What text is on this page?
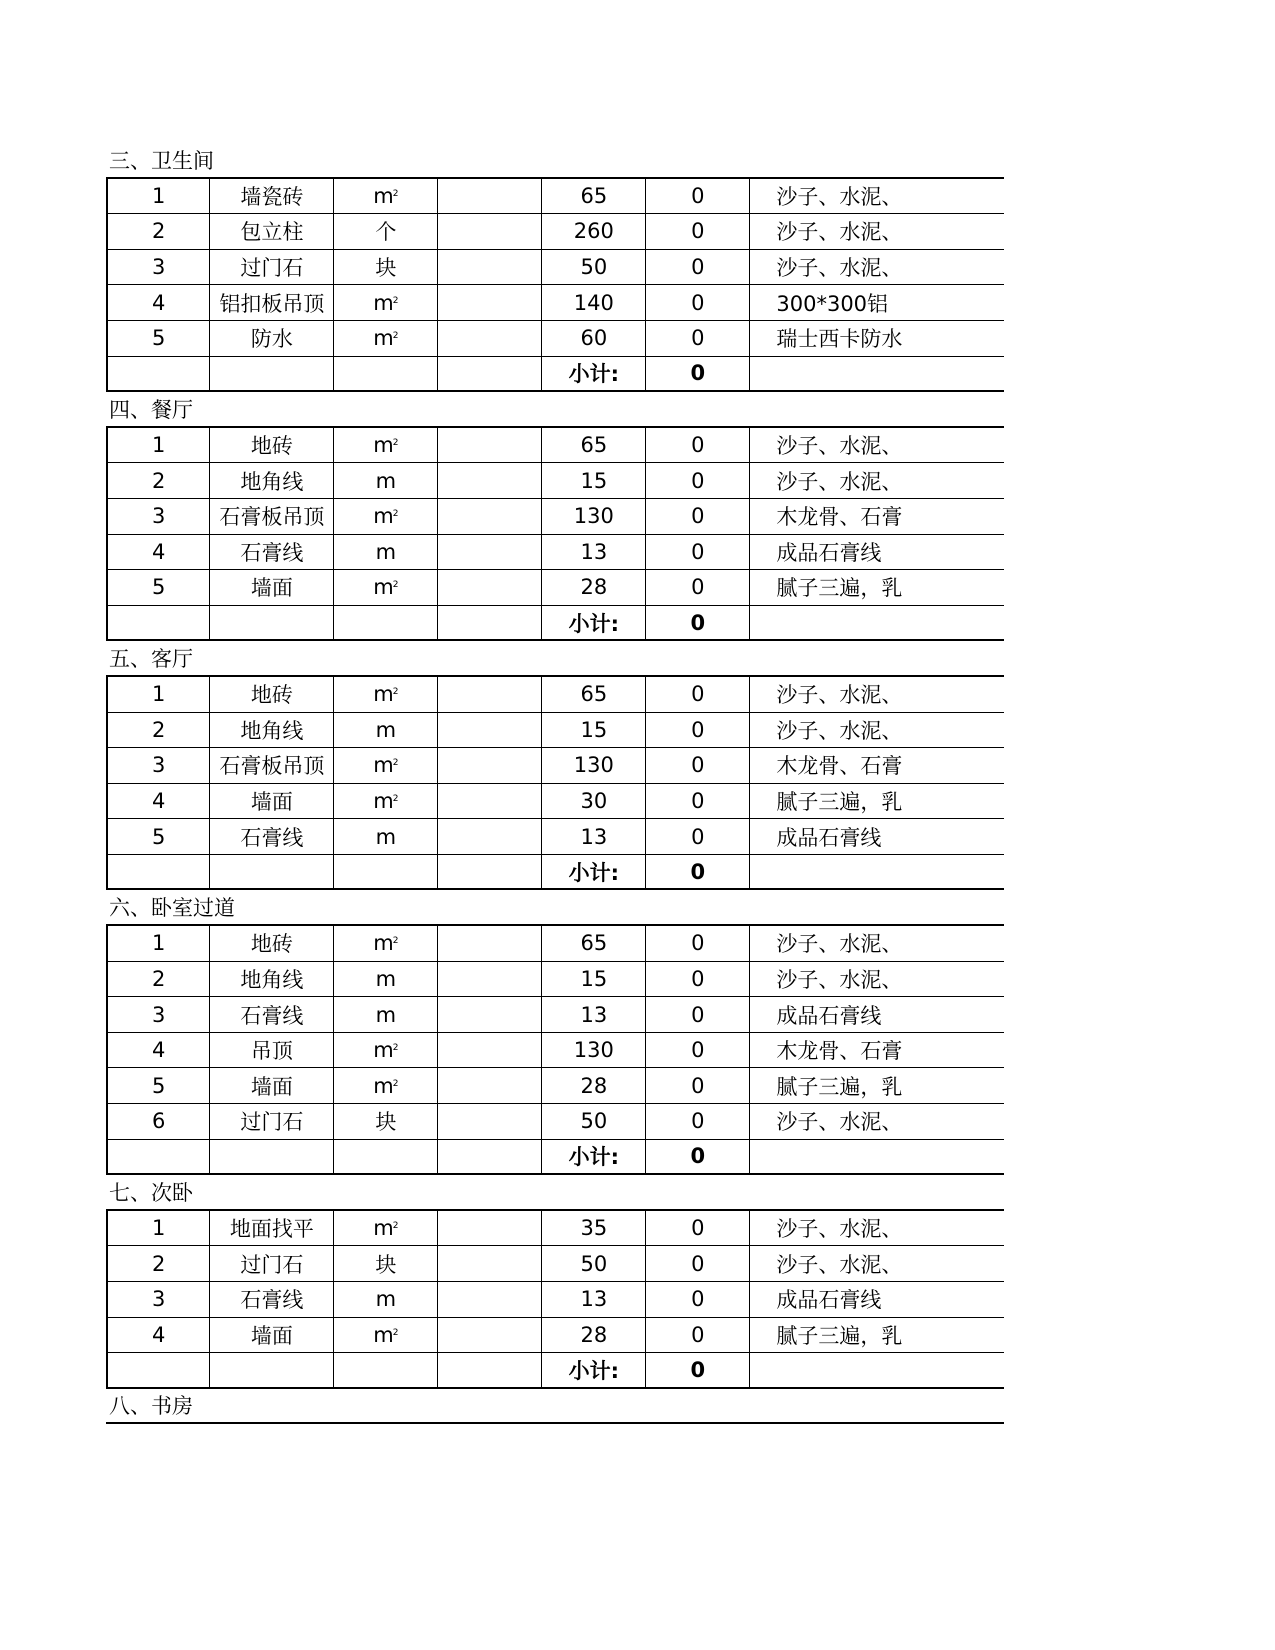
三、卫生间
1	墙瓷砖	$m^2$	65	0	沙子、水泥、
2	包立柱	个	260	0	沙子、水泥、
3	过门石	块	50	0	沙子、水泥、
4	铝扣板吊顶	$m^2$	140	0	300*300铝
5	防水	$m^2$	60	0	瑞士西卡防水
小计:	0
四、餐厅
1	地砖	$m^2$	65	0	沙子、水泥、
2	地角线	m	15	0	沙子、水泥、
3	石膏板吊顶	$m^2$	130	0	木龙骨、石膏
4	石膏线	m	13	0	成品石膏线
5	墙面	$m^2$	28	0	腻子三遍，乳
小计:	0
五、客厅
1	地砖	$m^2$	65	0	沙子、水泥、
2	地角线	m	15	0	沙子、水泥、
3	石膏板吊顶	$m^2$	130	0	木龙骨、石膏
4	墙面	$m^2$	30	0	腻子三遍，乳
5	石膏线	m	13	0	成品石膏线
小计:	0
六、卧室过道
1	地砖	$m^2$	65	0	沙子、水泥、
2	地角线	m	15	0	沙子、水泥、
3	石膏线	m	13	0	成品石膏线
4	吊顶	$m^2$	130	0	木龙骨、石膏
5	墙面	$m^2$	28	0	腻子三遍，乳
6	过门石	块	50	0	沙子、水泥、
小计:	0
七、次卧
1	地面找平	$m^2$	35	0	沙子、水泥、
2	过门石	块	50	0	沙子、水泥、
3	石膏线	m	13	0	成品石膏线
4	墙面	$m^2$	28	0	腻子三遍，乳
小计:	0
八、书房
